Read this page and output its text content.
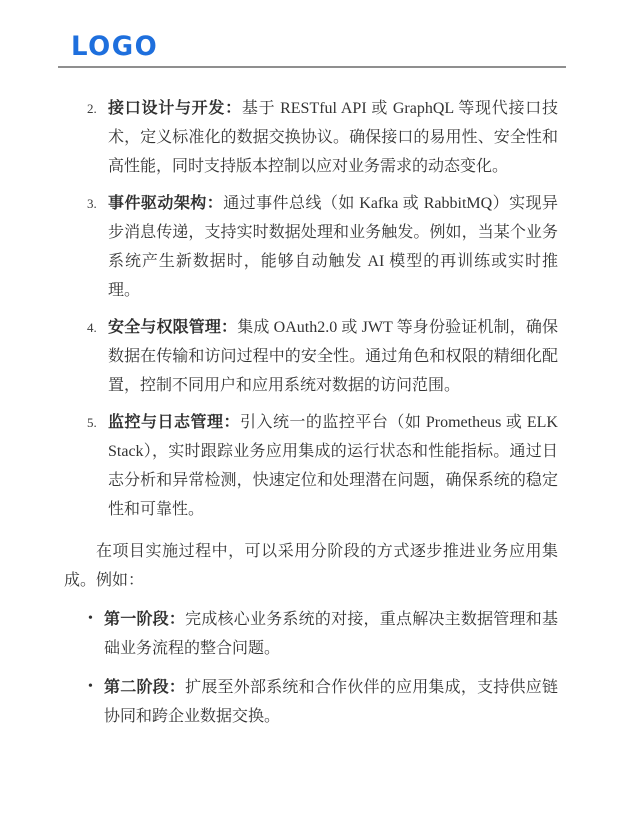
LOGO
2. 接口设计与开发：基于 RESTful API 或 GraphQL 等现代接口技术，定义标准化的数据交换协议。确保接口的易用性、安全性和高性能，同时支持版本控制以应对业务需求的动态变化。
3. 事件驱动架构：通过事件总线（如 Kafka 或 RabbitMQ）实现异步消息传递，支持实时数据处理和业务触发。例如，当某个业务系统产生新数据时，能够自动触发 AI 模型的再训练或实时推理。
4. 安全与权限管理：集成 OAuth2.0 或 JWT 等身份验证机制，确保数据在传输和访问过程中的安全性。通过角色和权限的精细化配置，控制不同用户和应用系统对数据的访问范围。
5. 监控与日志管理：引入统一的监控平台（如 Prometheus 或 ELK Stack），实时跟踪业务应用集成的运行状态和性能指标。通过日志分析和异常检测，快速定位和处理潜在问题，确保系统的稳定性和可靠性。

在项目实施过程中，可以采用分阶段的方式逐步推进业务应用集成。例如：

• 第一阶段：完成核心业务系统的对接，重点解决主数据管理和基础业务流程的整合问题。
• 第二阶段：扩展至外部系统和合作伙伴的应用集成，支持供应链协同和跨企业数据交换。
